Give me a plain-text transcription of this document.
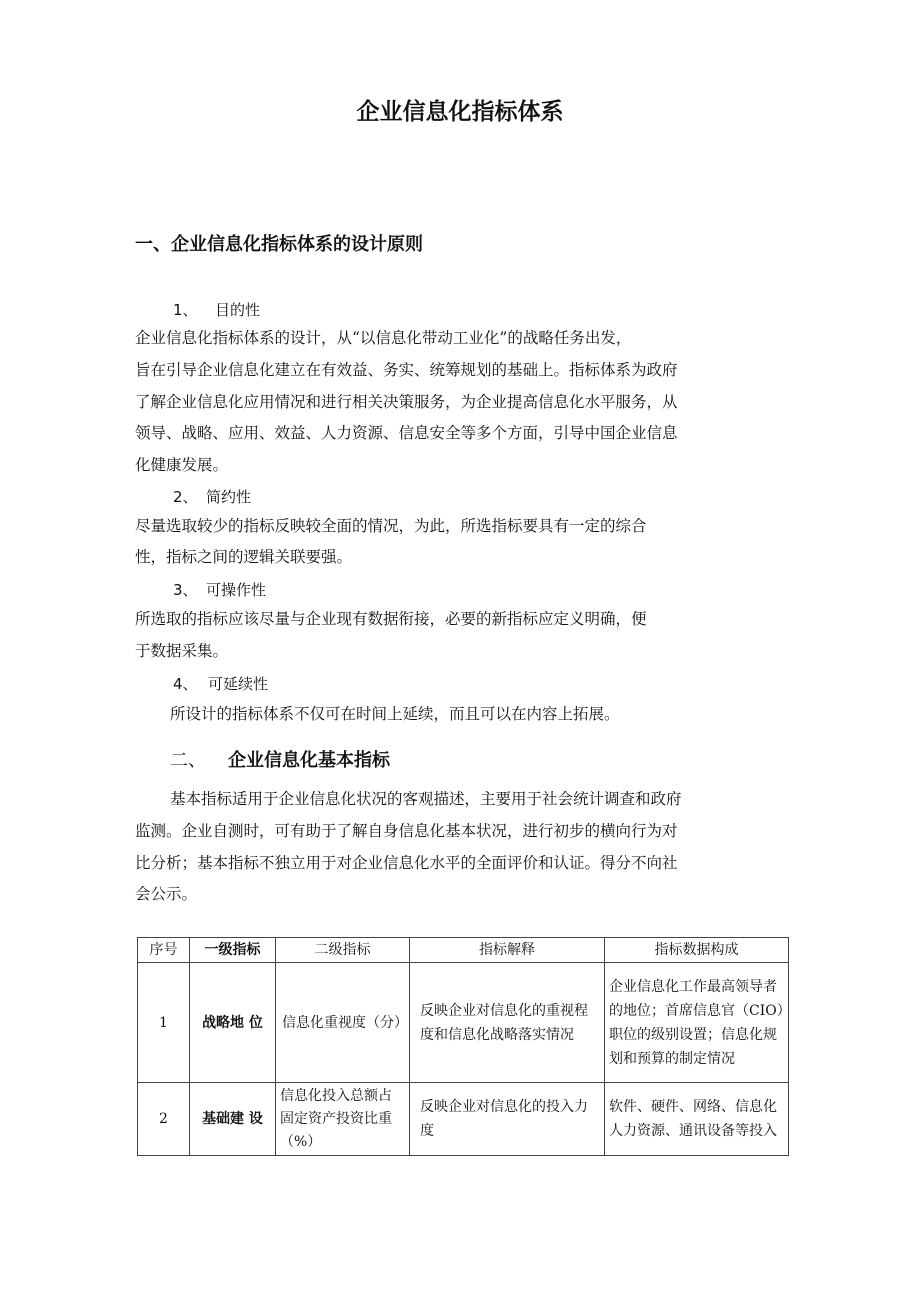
企业信息化指标体系
一、企业信息化指标体系的设计原则
1、 目的性
企业信息化指标体系的设计，从“以信息化带动工业化”的战略任务出发，
旨在引导企业信息化建立在有效益、务实、统筹规划的基础上。指标体系为政府
了解企业信息化应用情况和进行相关决策服务，为企业提高信息化水平服务，从
领导、战略、应用、效益、人力资源、信息安全等多个方面，引导中国企业信息
化健康发展。
2、 简约性
尽量选取较少的指标反映较全面的情况，为此，所选指标要具有一定的综合
性，指标之间的逻辑关联要强。
3、 可操作性
所选取的指标应该尽量与企业现有数据衔接，必要的新指标应定义明确，便
于数据采集。
4、 可延续性
所设计的指标体系不仅可在时间上延续，而且可以在内容上拓展。
二、 企业信息化基本指标
基本指标适用于企业信息化状况的客观描述，主要用于社会统计调查和政府
监测。企业自测时，可有助于了解自身信息化基本状况，进行初步的横向行为对
比分析；基本指标不独立用于对企业信息化水平的全面评价和认证。得分不向社
会公示。
序号	一级指标	二级指标	指标解释	指标数据构成
1	战略地 位	信息化重视度（分）	反映企业对信息化的重视程度和信息化战略落实情况	企业信息化工作最高领导者的地位；首席信息官（CIO）职位的级别设置；信息化规划和预算的制定情况
2	基础建 设	信息化投入总额占固定资产投资比重（%）	反映企业对信息化的投入力度	软件、硬件、网络、信息化人力资源、通讯设备等投入
